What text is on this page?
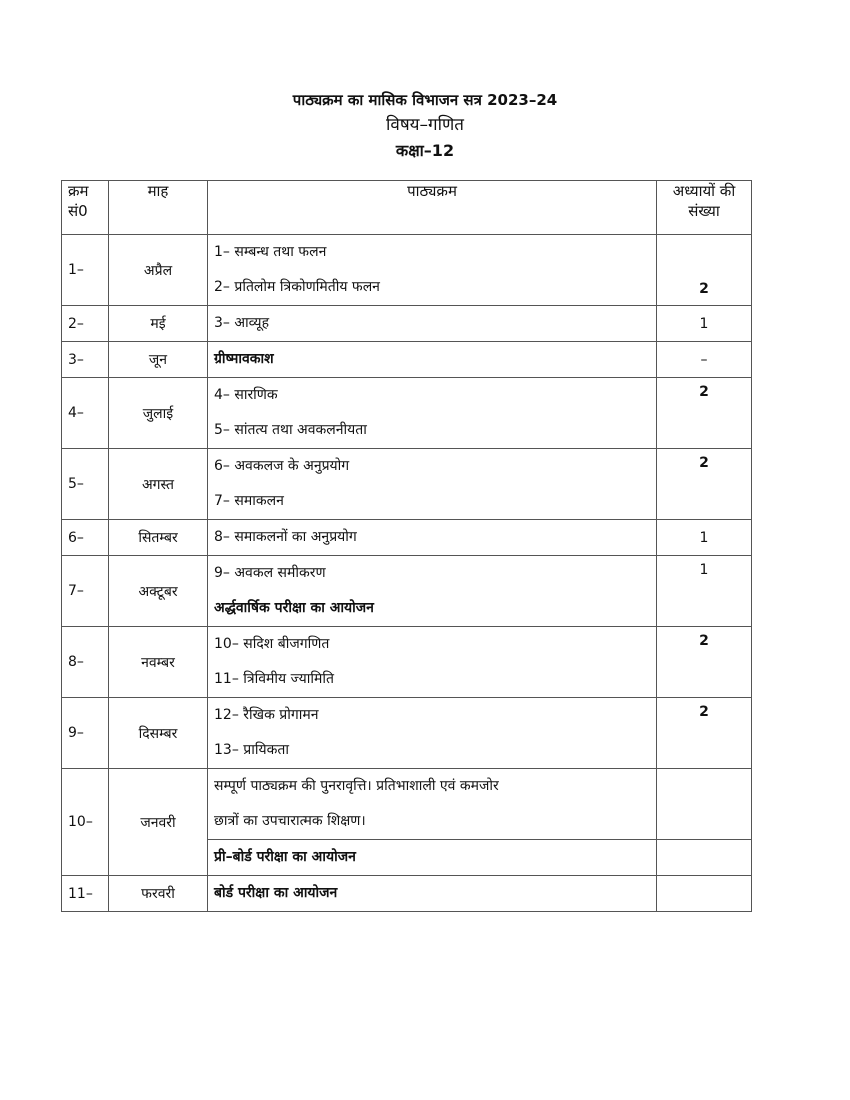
पाठ्यक्रम का मासिक विभाजन सत्र 2023–24
विषय–गणित
कक्षा–12
क्रम सं0	माह	पाठ्यक्रम	अध्यायों की संख्या
1–	अप्रैल	1– सम्बन्ध तथा फलन
2– प्रतिलोम त्रिकोणमितीय फलन	2
2–	मई	3– आव्यूह	1
3–	जून	ग्रीष्मावकाश	–
4–	जुलाई	4– सारणिक
5– सांतत्य तथा अवकलनीयता	2
5–	अगस्त	6– अवकलज के अनुप्रयोग
7– समाकलन	2
6–	सितम्बर	8– समाकलनों का अनुप्रयोग	1
7–	अक्टूबर	9– अवकल समीकरण
अर्द्धवार्षिक परीक्षा का आयोजन	1
8–	नवम्बर	10– सदिश बीजगणित
11– त्रिविमीय ज्यामिति	2
9–	दिसम्बर	12– रैखिक प्रोगामन
13– प्रायिकता	2
10–	जनवरी	सम्पूर्ण पाठ्यक्रम की पुनरावृत्ति। प्रतिभाशाली एवं कमजोर
छात्रों का उपचारात्मक शिक्षण।	

		प्री–बोर्ड परीक्षा का आयोजन	

11–	फरवरी	बोर्ड परीक्षा का आयोजन	
